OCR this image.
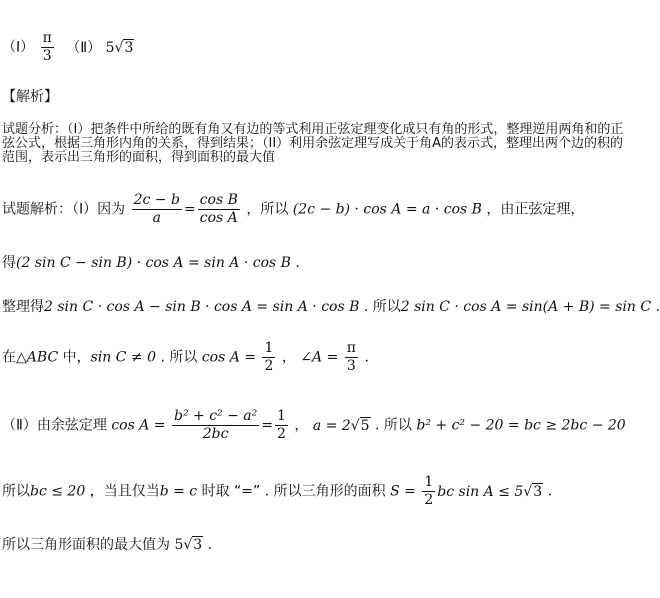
（Ⅰ） $\frac{\pi}{3}$ （Ⅱ） 5√3
【解析】
试题分析：（I）把条件中所给的既有角又有边的等式利用正弦定理变化成只有角的形式，整理逆用两角和的正弦公式，根据三角形内角的关系，得到结果；（II）利用余弦定理写成关于角A的表示式，整理出两个边的积的范围，表示出三角形的面积，得到面积的最大值
试题解析：（Ⅰ）因为 $\frac{2c - b}{a} = \frac{\text{cos B}}{\text{cos A}}$ ，所以 (2c − b) · cos A = a · cos B ，由正弦定理，
得(2 sin C − sin B) · cos A = sin A · cos B .
整理得2 sin C · cos A − sin B · cos A = sin A · cos B . 所以2 sin C · cos A = sin(A + B) = sin C .
在△ABC 中，sin C ≠ 0 . 所以 $\cos A = \frac{1}{2}$ ， ∠A = $\frac{\pi}{3}$ .
（Ⅱ）由余弦定理 $\cos A = \frac{\text{b² + c² − a²}}{2bc} = \frac{1}{2}$ ， a = 2√5 . 所以 b² + c² − 20 = bc ≥ 2bc − 20
所以bc ≤ 20 ，当且仅当b = c 时取 “=” . 所以三角形的面积 $S = \frac{1}{2}$ bc sin A ≤ 5√3 .
所以三角形面积的最大值为 5√3 .
